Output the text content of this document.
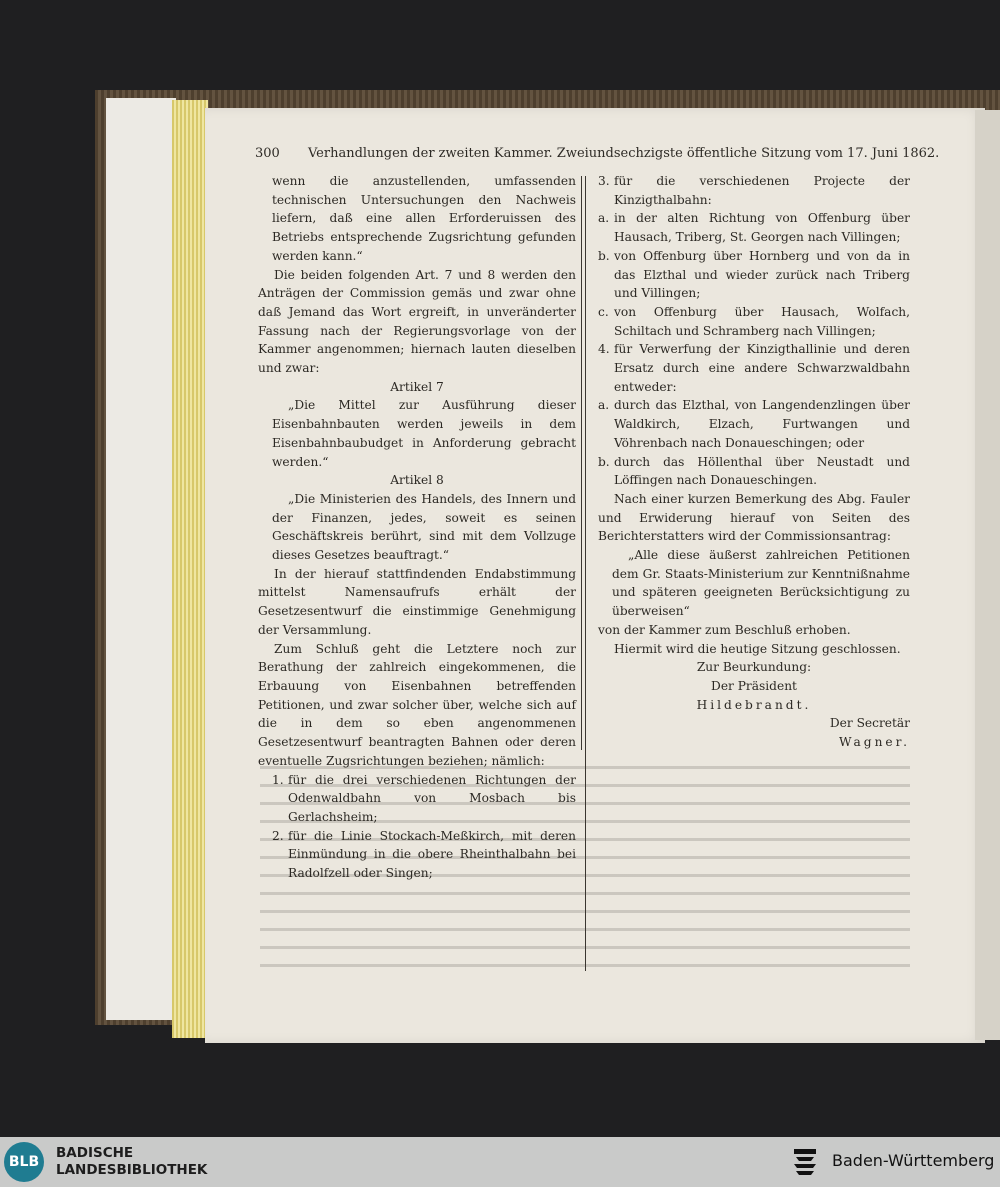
300 Verhandlungen der zweiten Kammer. Zweiundsechzigste öffentliche Sitzung vom 17. Juni 1862.

wenn die anzustellenden, umfassenden technischen Untersuchungen den Nachweis liefern, daß eine allen Erforderuissen des Betriebs entsprechende Zugsrichtung gefunden werden kann.“

Die beiden folgenden Art. 7 und 8 werden den Anträgen der Commission gemäs und zwar ohne daß Jemand das Wort ergreift, in unveränderter Fassung nach der Regierungsvorlage von der Kammer angenommen; hiernach lauten dieselben und zwar:

Artikel 7

„Die Mittel zur Ausführung dieser Eisenbahnbauten werden jeweils in dem Eisenbahnbaubudget in Anforderung gebracht werden.“

Artikel 8

„Die Ministerien des Handels, des Innern und der Finanzen, jedes, soweit es seinen Geschäftskreis berührt, sind mit dem Vollzuge dieses Gesetzes beauftragt.“

In der hierauf stattfindenden Endabstimmung mittelst Namensaufrufs erhält der Gesetzesentwurf die einstimmige Genehmigung der Versammlung.

Zum Schluß geht die Letztere noch zur Berathung der zahlreich eingekommenen, die Erbauung von Eisenbahnen betreffenden Petitionen, und zwar solcher über, welche sich auf die in dem so eben angenommenen Gesetzesentwurf beantragten Bahnen oder deren eventuelle Zugsrichtungen beziehen; nämlich:

1. für die drei verschiedenen Richtungen der Odenwaldbahn von Mosbach bis Gerlachsheim;
2. für die Linie Stockach-Meßkirch, mit deren Einmündung in die obere Rheinthalbahn bei Radolfzell oder Singen;
3. für die verschiedenen Projecte der Kinzigthalbahn:
a. in der alten Richtung von Offenburg über Hausach, Triberg, St. Georgen nach Villingen;
b. von Offenburg über Hornberg und von da in das Elzthal und wieder zurück nach Triberg und Villingen;
c. von Offenburg über Hausach, Wolfach, Schiltach und Schramberg nach Villingen;
4. für Verwerfung der Kinzigthallinie und deren Ersatz durch eine andere Schwarzwaldbahn entweder:
a. durch das Elzthal, von Langendenzlingen über Waldkirch, Elzach, Furtwangen und Vöhrenbach nach Donaueschingen; oder
b. durch das Höllenthal über Neustadt und Löffingen nach Donaueschingen.

Nach einer kurzen Bemerkung des Abg. Fauler und Erwiderung hierauf von Seiten des Berichterstatters wird der Commissionsantrag:

„Alle diese äußerst zahlreichen Petitionen dem Gr. Staats-Ministerium zur Kenntnißnahme und späteren geeigneten Berücksichtigung zu überweisen“

von der Kammer zum Beschluß erhoben.

Hiermit wird die heutige Sitzung geschlossen.

Zur Beurkundung:

Der Präsident

Hildebrandt.

Der Secretär

Wagner.

BLB
BADISCHE
LANDESBIBLIOTHEK	Baden-Württemberg
